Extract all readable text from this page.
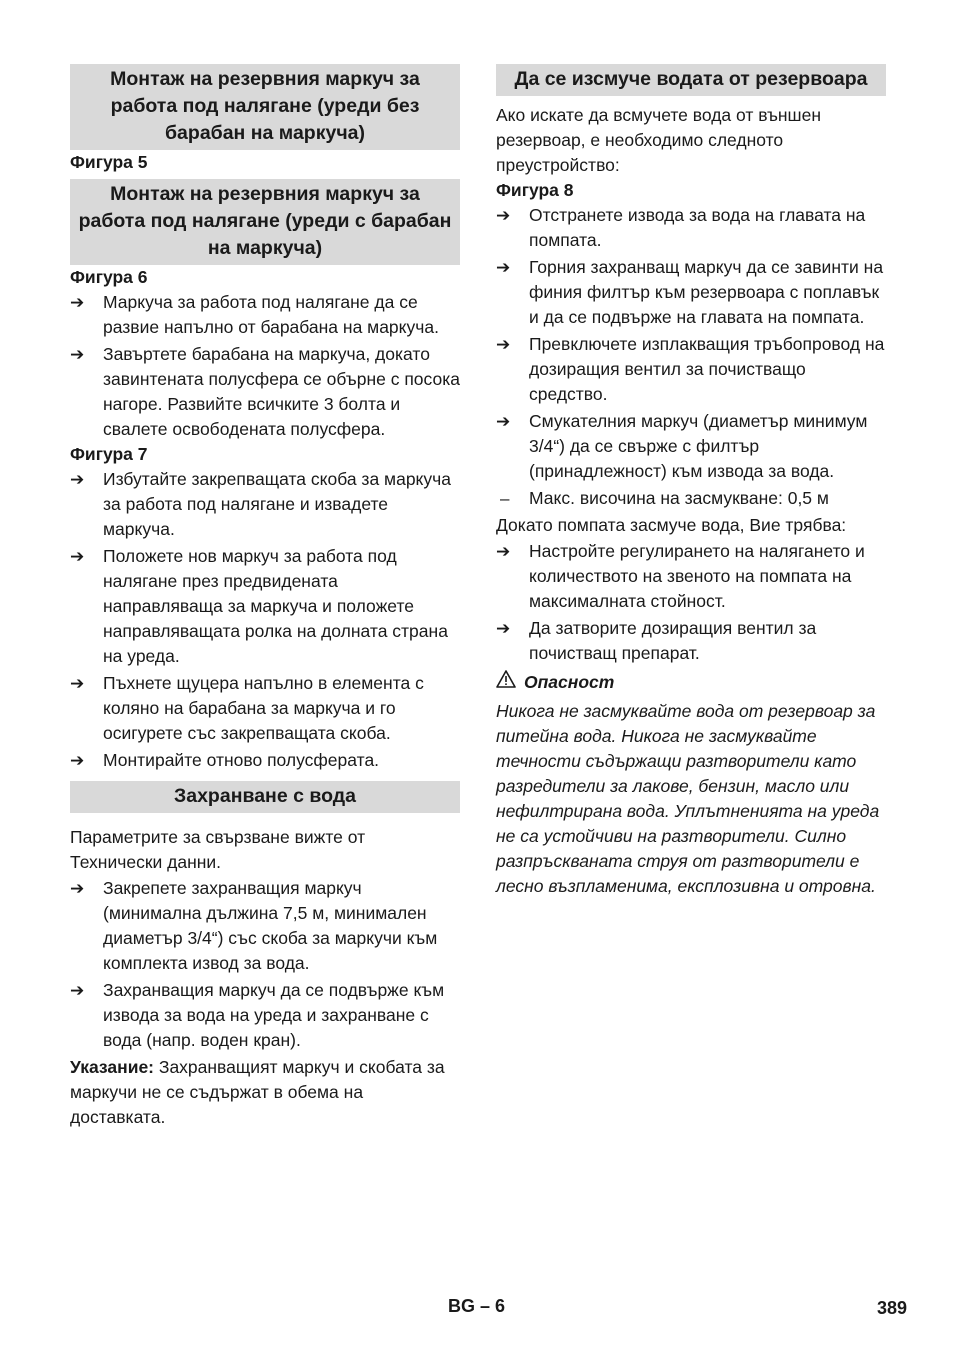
Монтаж на резервния маркуч за работа под налягане (уреди без барабан на маркуча)
Фигура 5
Монтаж на резервния маркуч за работа под налягане (уреди с барабан на маркуча)
Фигура 6
➔	Маркуча за работа под налягане да се развие напълно от барабана на маркуча.
➔	Завъртете барабана на маркуча, докато завинтената полусфера се обърне с посока нагоре. Развийте всичките 3 болта и свалете освободената полусфера.
Фигура 7
➔	Избутайте закрепващата скоба за маркуча за работа под налягане и извадете маркуча.
➔	Положете нов маркуч за работа под налягане през предвидената направляваща за маркуча и положете направляващата ролка на долната страна на уреда.
➔	Пъхнете щуцера напълно в елемента с коляно на барабана за маркуча и го осигурете със закрепващата скоба.
➔	Монтирайте отново полусферата.
Захранване с вода

Параметрите за свързване вижте от Технически данни.

➔	Закрепете захранващия маркуч (минимална дължина 7,5 м, минимален диаметър 3/4“) със скоба за маркучи към комплекта извод за вода.
➔	Захранващия маркуч да се подвърже към извода за вода на уреда и захранване с вода (напр. воден кран).

Указание: Захранващият маркуч и скобата за маркучи не се съдържат в обема на доставката.

Да се изсмуче водата от резервоара

Ако искате да всмучете вода от външен резервоар, е необходимо следното преустройство:

Фигура 8
➔	Отстранете извода за вода на главата на помпата.
➔	Горния захранващ маркуч да се завинти на финия филтър към резервоара с поплавък и да се подвърже на главата на помпата.
➔	Превключете изплакващия тръбопровод на дозиращия вентил за почистващо средство.
➔	Смукателния маркуч (диаметър минимум 3/4“) да се свърже с филтър (принадлежност) към извода за вода.
–	Макс. височина на засмукване: 0,5 м

Докато помпата засмуче вода, Вие трябва:

➔	Настройте регулирането на налягането и количеството на звеното на помпата на максималната стойност.
➔	Да затворите дозиращия вентил за почистващ препарат.
Опасност

Никога не засмуквайте вода от резервоар за питейна вода. Никога не засмуквайте течности съдържащи разтворители като разредители за лакове, бензин, масло или нефилтрирана вода. Уплътненията на уреда не са устойчиви на разтворители. Силно разпръскваната струя от разтворители е лесно възпламенима, експлозивна и отровна.

BG – 6	389
